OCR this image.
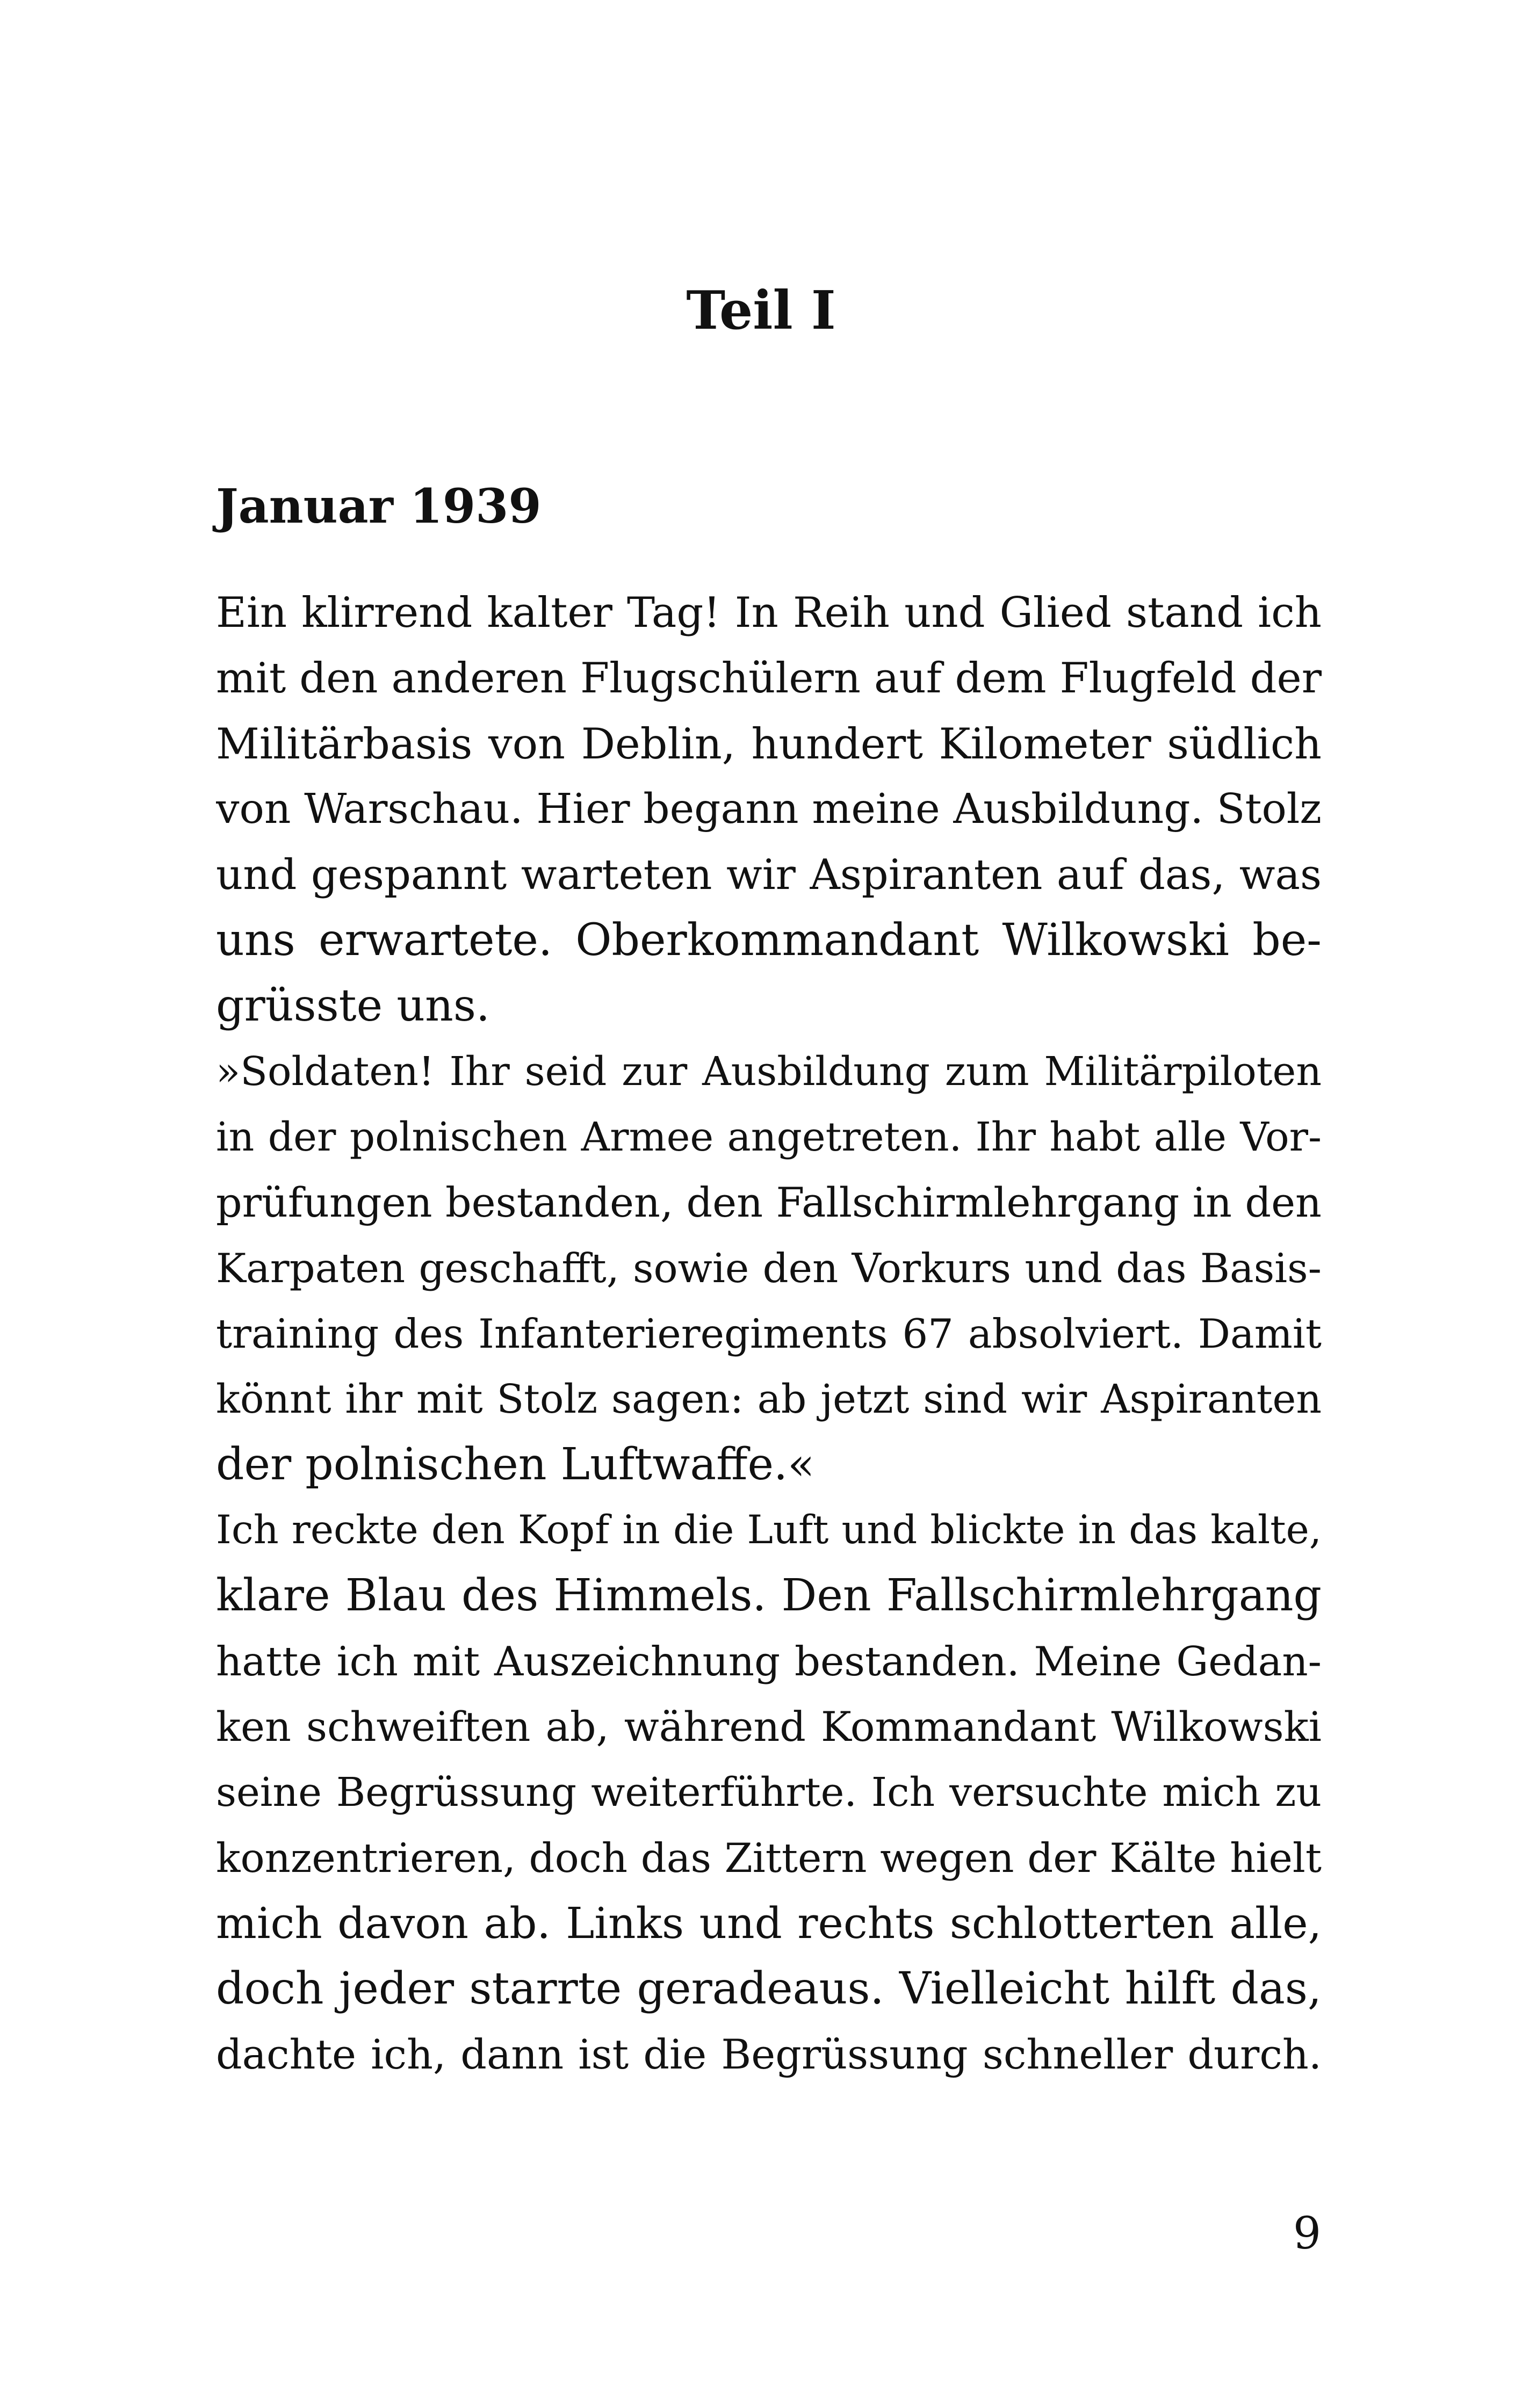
Teil I
Januar 1939
Ein klirrend kalter Tag! In Reih und Glied stand ich
mit den anderen Flugschülern auf dem Flugfeld der
Militärbasis von Deblin, hundert Kilometer südlich
von Warschau. Hier begann meine Ausbildung. Stolz
und gespannt warteten wir Aspiranten auf das, was
uns erwartete. Oberkommandant Wilkowski be-
grüsste uns.
»Soldaten! Ihr seid zur Ausbildung zum Militärpiloten
in der polnischen Armee angetreten. Ihr habt alle Vor-
prüfungen bestanden, den Fallschirmlehrgang in den
Karpaten geschafft, sowie den Vorkurs und das Basis-
training des Infanterieregiments 67 absolviert. Damit
könnt ihr mit Stolz sagen: ab jetzt sind wir Aspiranten
der polnischen Luftwaffe.«
Ich reckte den Kopf in die Luft und blickte in das kalte,
klare Blau des Himmels. Den Fallschirmlehrgang
hatte ich mit Auszeichnung bestanden. Meine Gedan-
ken schweiften ab, während Kommandant Wilkowski
seine Begrüssung weiterführte. Ich versuchte mich zu
konzentrieren, doch das Zittern wegen der Kälte hielt
mich davon ab. Links und rechts schlotterten alle,
doch jeder starrte geradeaus. Vielleicht hilft das,
dachte ich, dann ist die Begrüssung schneller durch.
9
